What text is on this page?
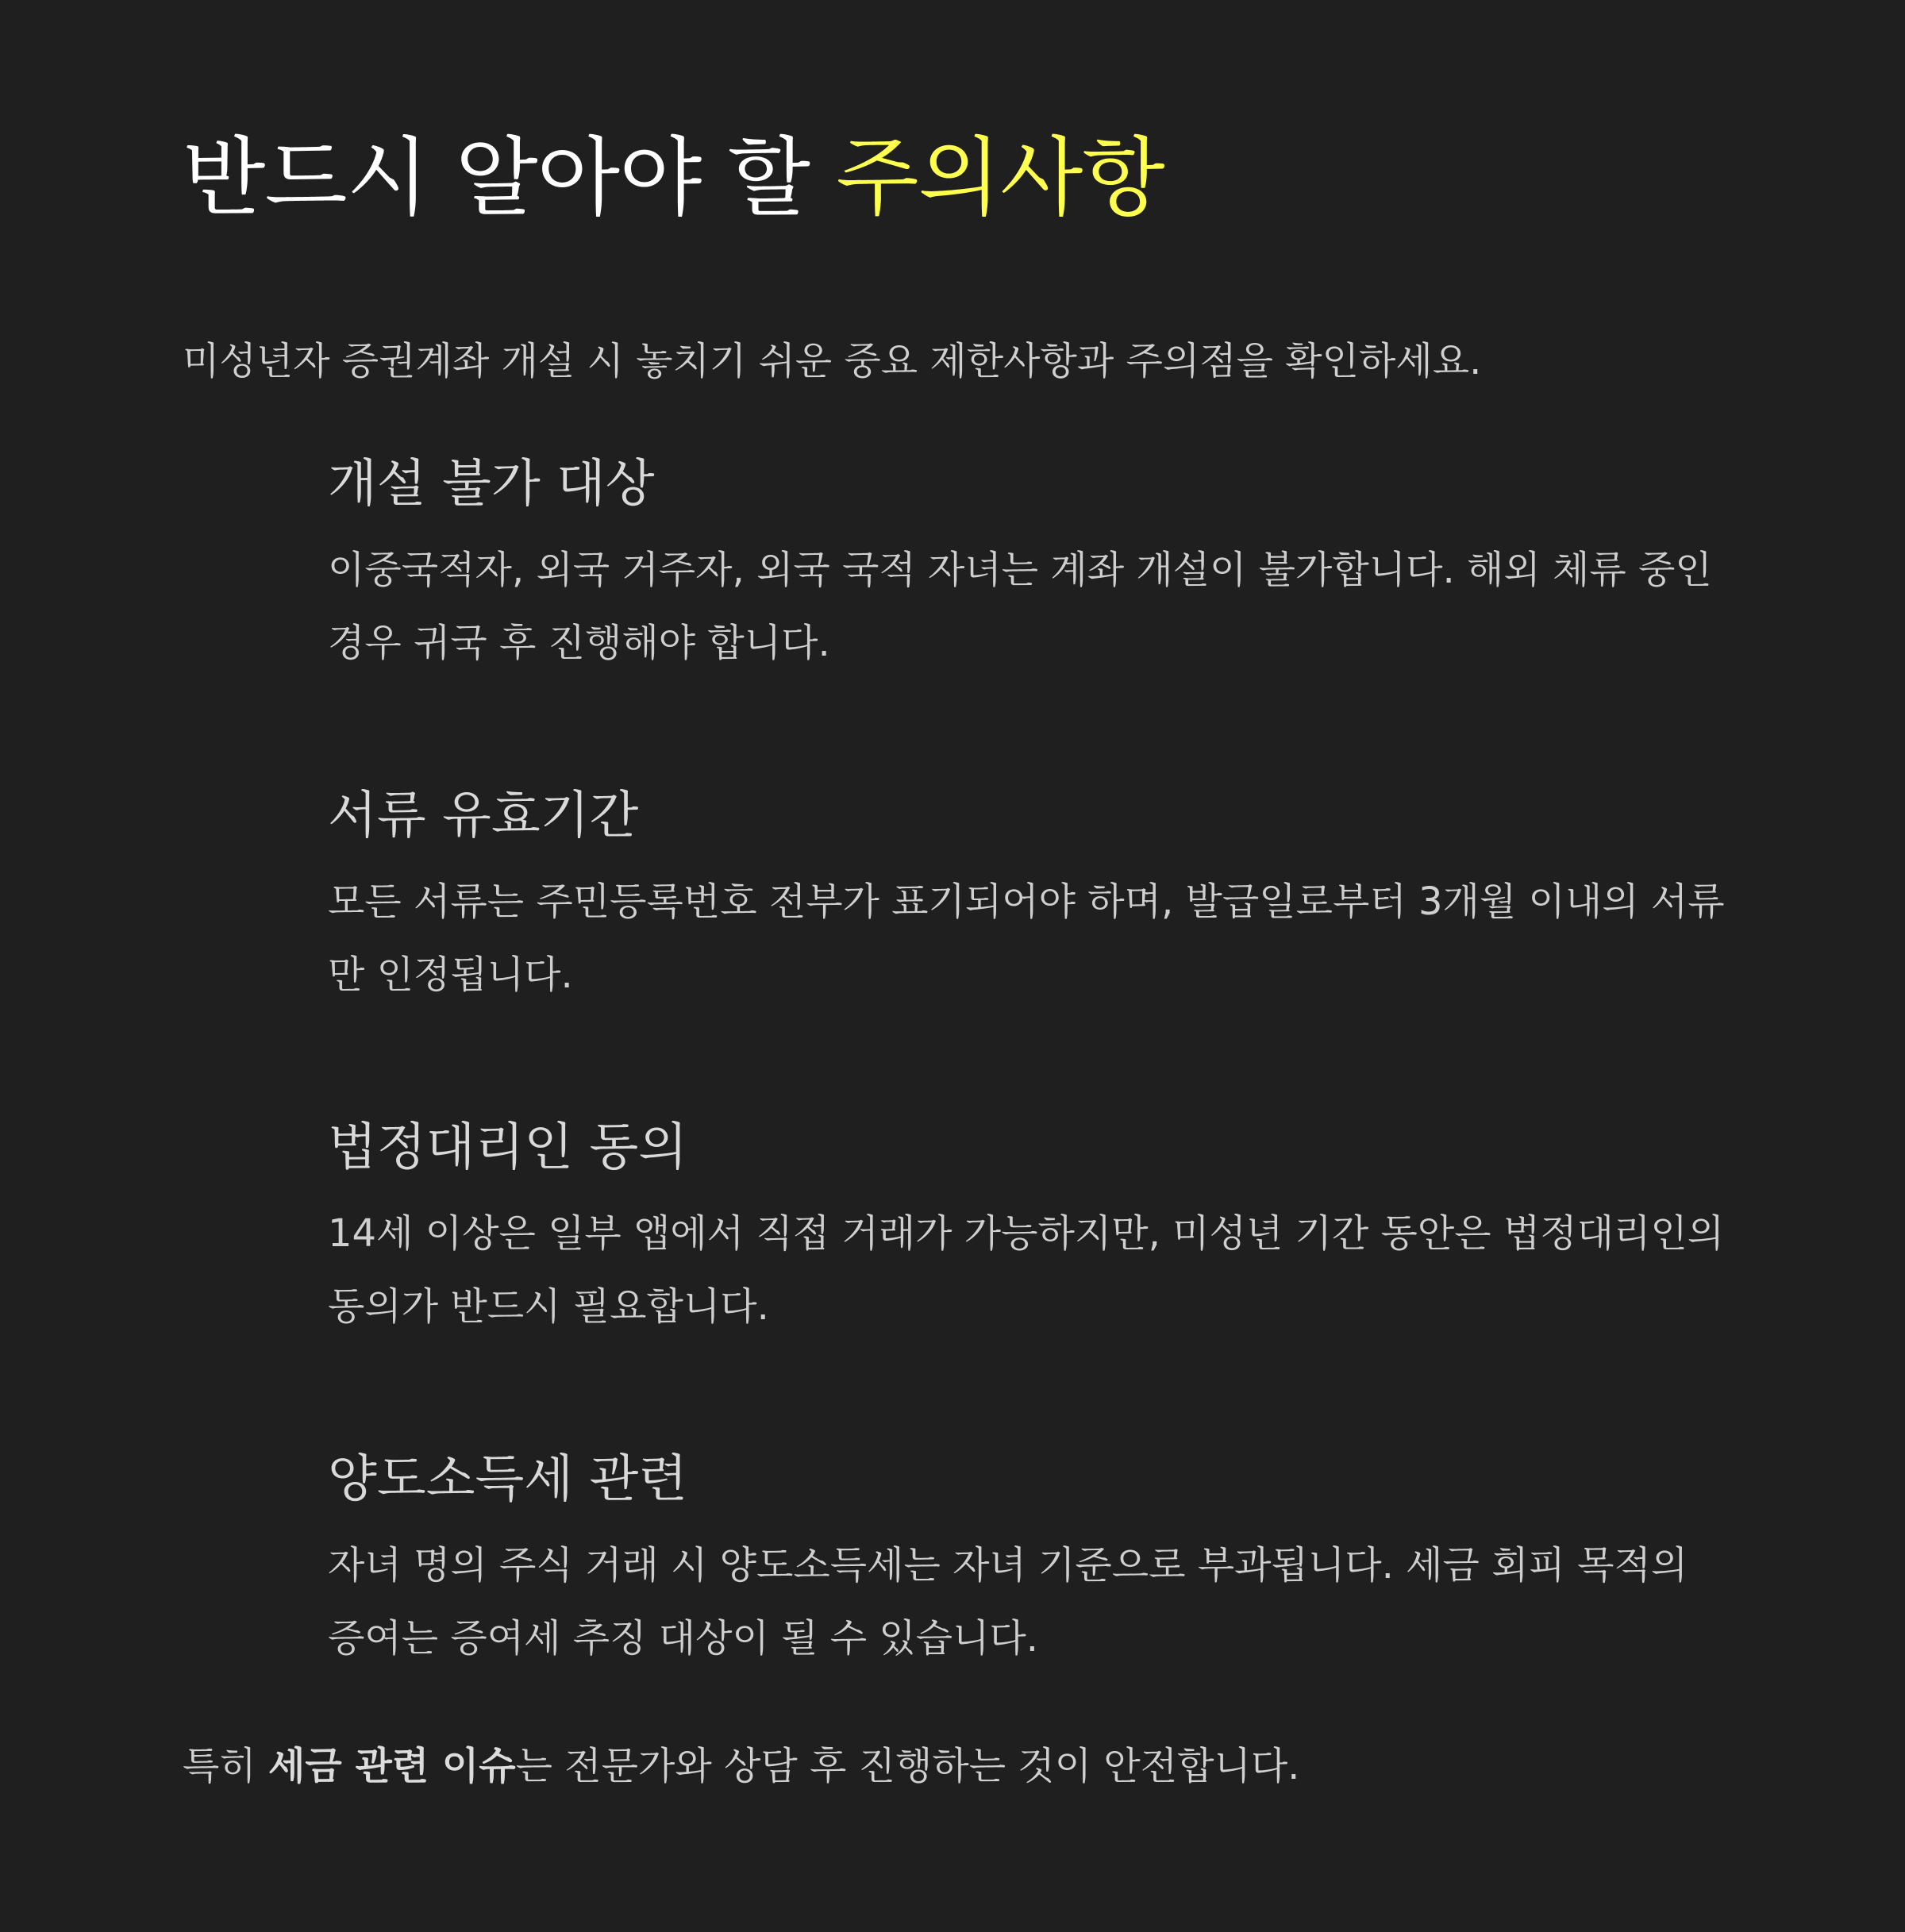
반드시 알아야 할 주의사항

미성년자 증권계좌 개설 시 놓치기 쉬운 중요 제한사항과 주의점을 확인하세요.

개설 불가 대상

이중국적자, 외국 거주자, 외국 국적 자녀는 계좌 개설이 불가합니다. 해외 체류 중인 경우 귀국 후 진행해야 합니다.

서류 유효기간

모든 서류는 주민등록번호 전부가 표기되어야 하며, 발급일로부터 3개월 이내의 서류만 인정됩니다.

법정대리인 동의

14세 이상은 일부 앱에서 직접 거래가 가능하지만, 미성년 기간 동안은 법정대리인의 동의가 반드시 필요합니다.

양도소득세 관련

자녀 명의 주식 거래 시 양도소득세는 자녀 기준으로 부과됩니다. 세금 회피 목적의 증여는 증여세 추징 대상이 될 수 있습니다.

특히 세금 관련 이슈는 전문가와 상담 후 진행하는 것이 안전합니다.
